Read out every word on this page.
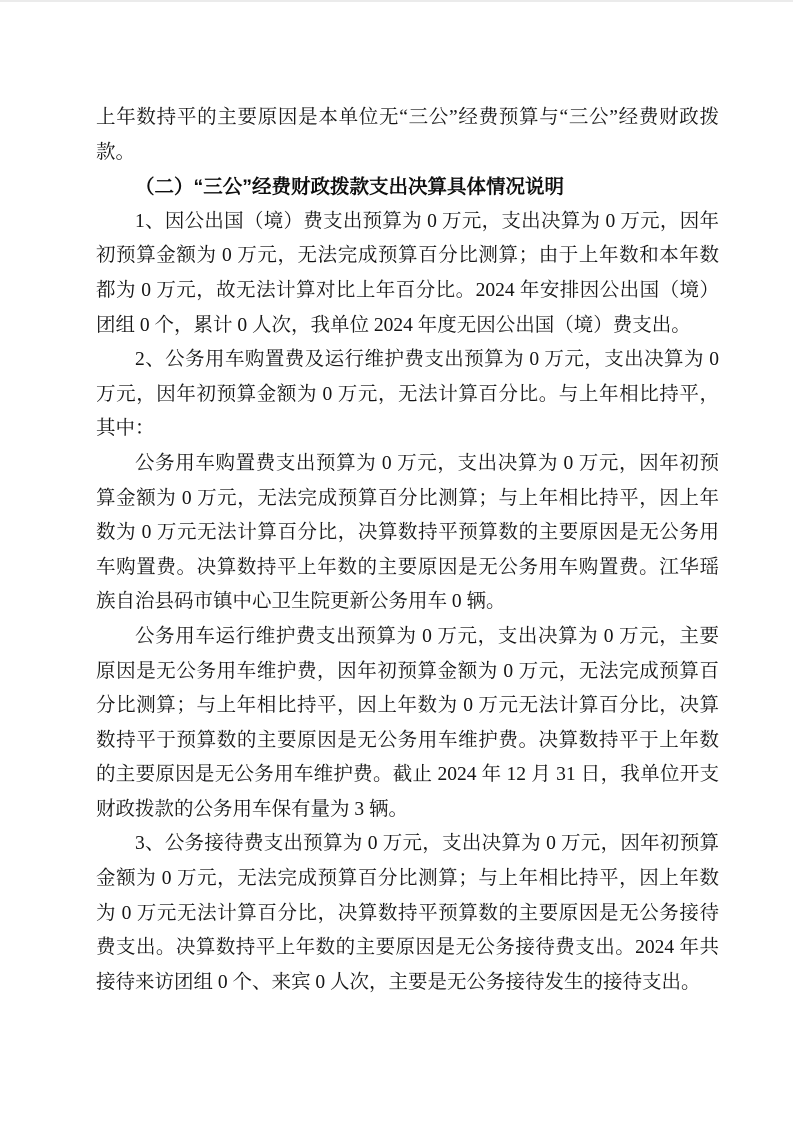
上年数持平的主要原因是本单位无“三公”经费预算与“三公”经费财政拨款。

（二）“三公”经费财政拨款支出决算具体情况说明

1、因公出国（境）费支出预算为 0 万元，支出决算为 0 万元，因年初预算金额为 0 万元，无法完成预算百分比测算；由于上年数和本年数都为 0 万元，故无法计算对比上年百分比。2024 年安排因公出国（境）团组 0 个，累计 0 人次，我单位 2024 年度无因公出国（境）费支出。

2、公务用车购置费及运行维护费支出预算为 0 万元，支出决算为 0 万元，因年初预算金额为 0 万元，无法计算百分比。与上年相比持平，其中：

公务用车购置费支出预算为 0 万元，支出决算为 0 万元，因年初预算金额为 0 万元，无法完成预算百分比测算；与上年相比持平，因上年数为 0 万元无法计算百分比，决算数持平预算数的主要原因是无公务用车购置费。决算数持平上年数的主要原因是无公务用车购置费。江华瑶族自治县码市镇中心卫生院更新公务用车 0 辆。

公务用车运行维护费支出预算为 0 万元，支出决算为 0 万元，主要原因是无公务用车维护费，因年初预算金额为 0 万元，无法完成预算百分比测算；与上年相比持平，因上年数为 0 万元无法计算百分比，决算数持平于预算数的主要原因是无公务用车维护费。决算数持平于上年数的主要原因是无公务用车维护费。截止 2024 年 12 月 31 日，我单位开支财政拨款的公务用车保有量为 3 辆。

3、公务接待费支出预算为 0 万元，支出决算为 0 万元，因年初预算金额为 0 万元，无法完成预算百分比测算；与上年相比持平，因上年数为 0 万元无法计算百分比，决算数持平预算数的主要原因是无公务接待费支出。决算数持平上年数的主要原因是无公务接待费支出。2024 年共接待来访团组 0 个、来宾 0 人次，主要是无公务接待发生的接待支出。
